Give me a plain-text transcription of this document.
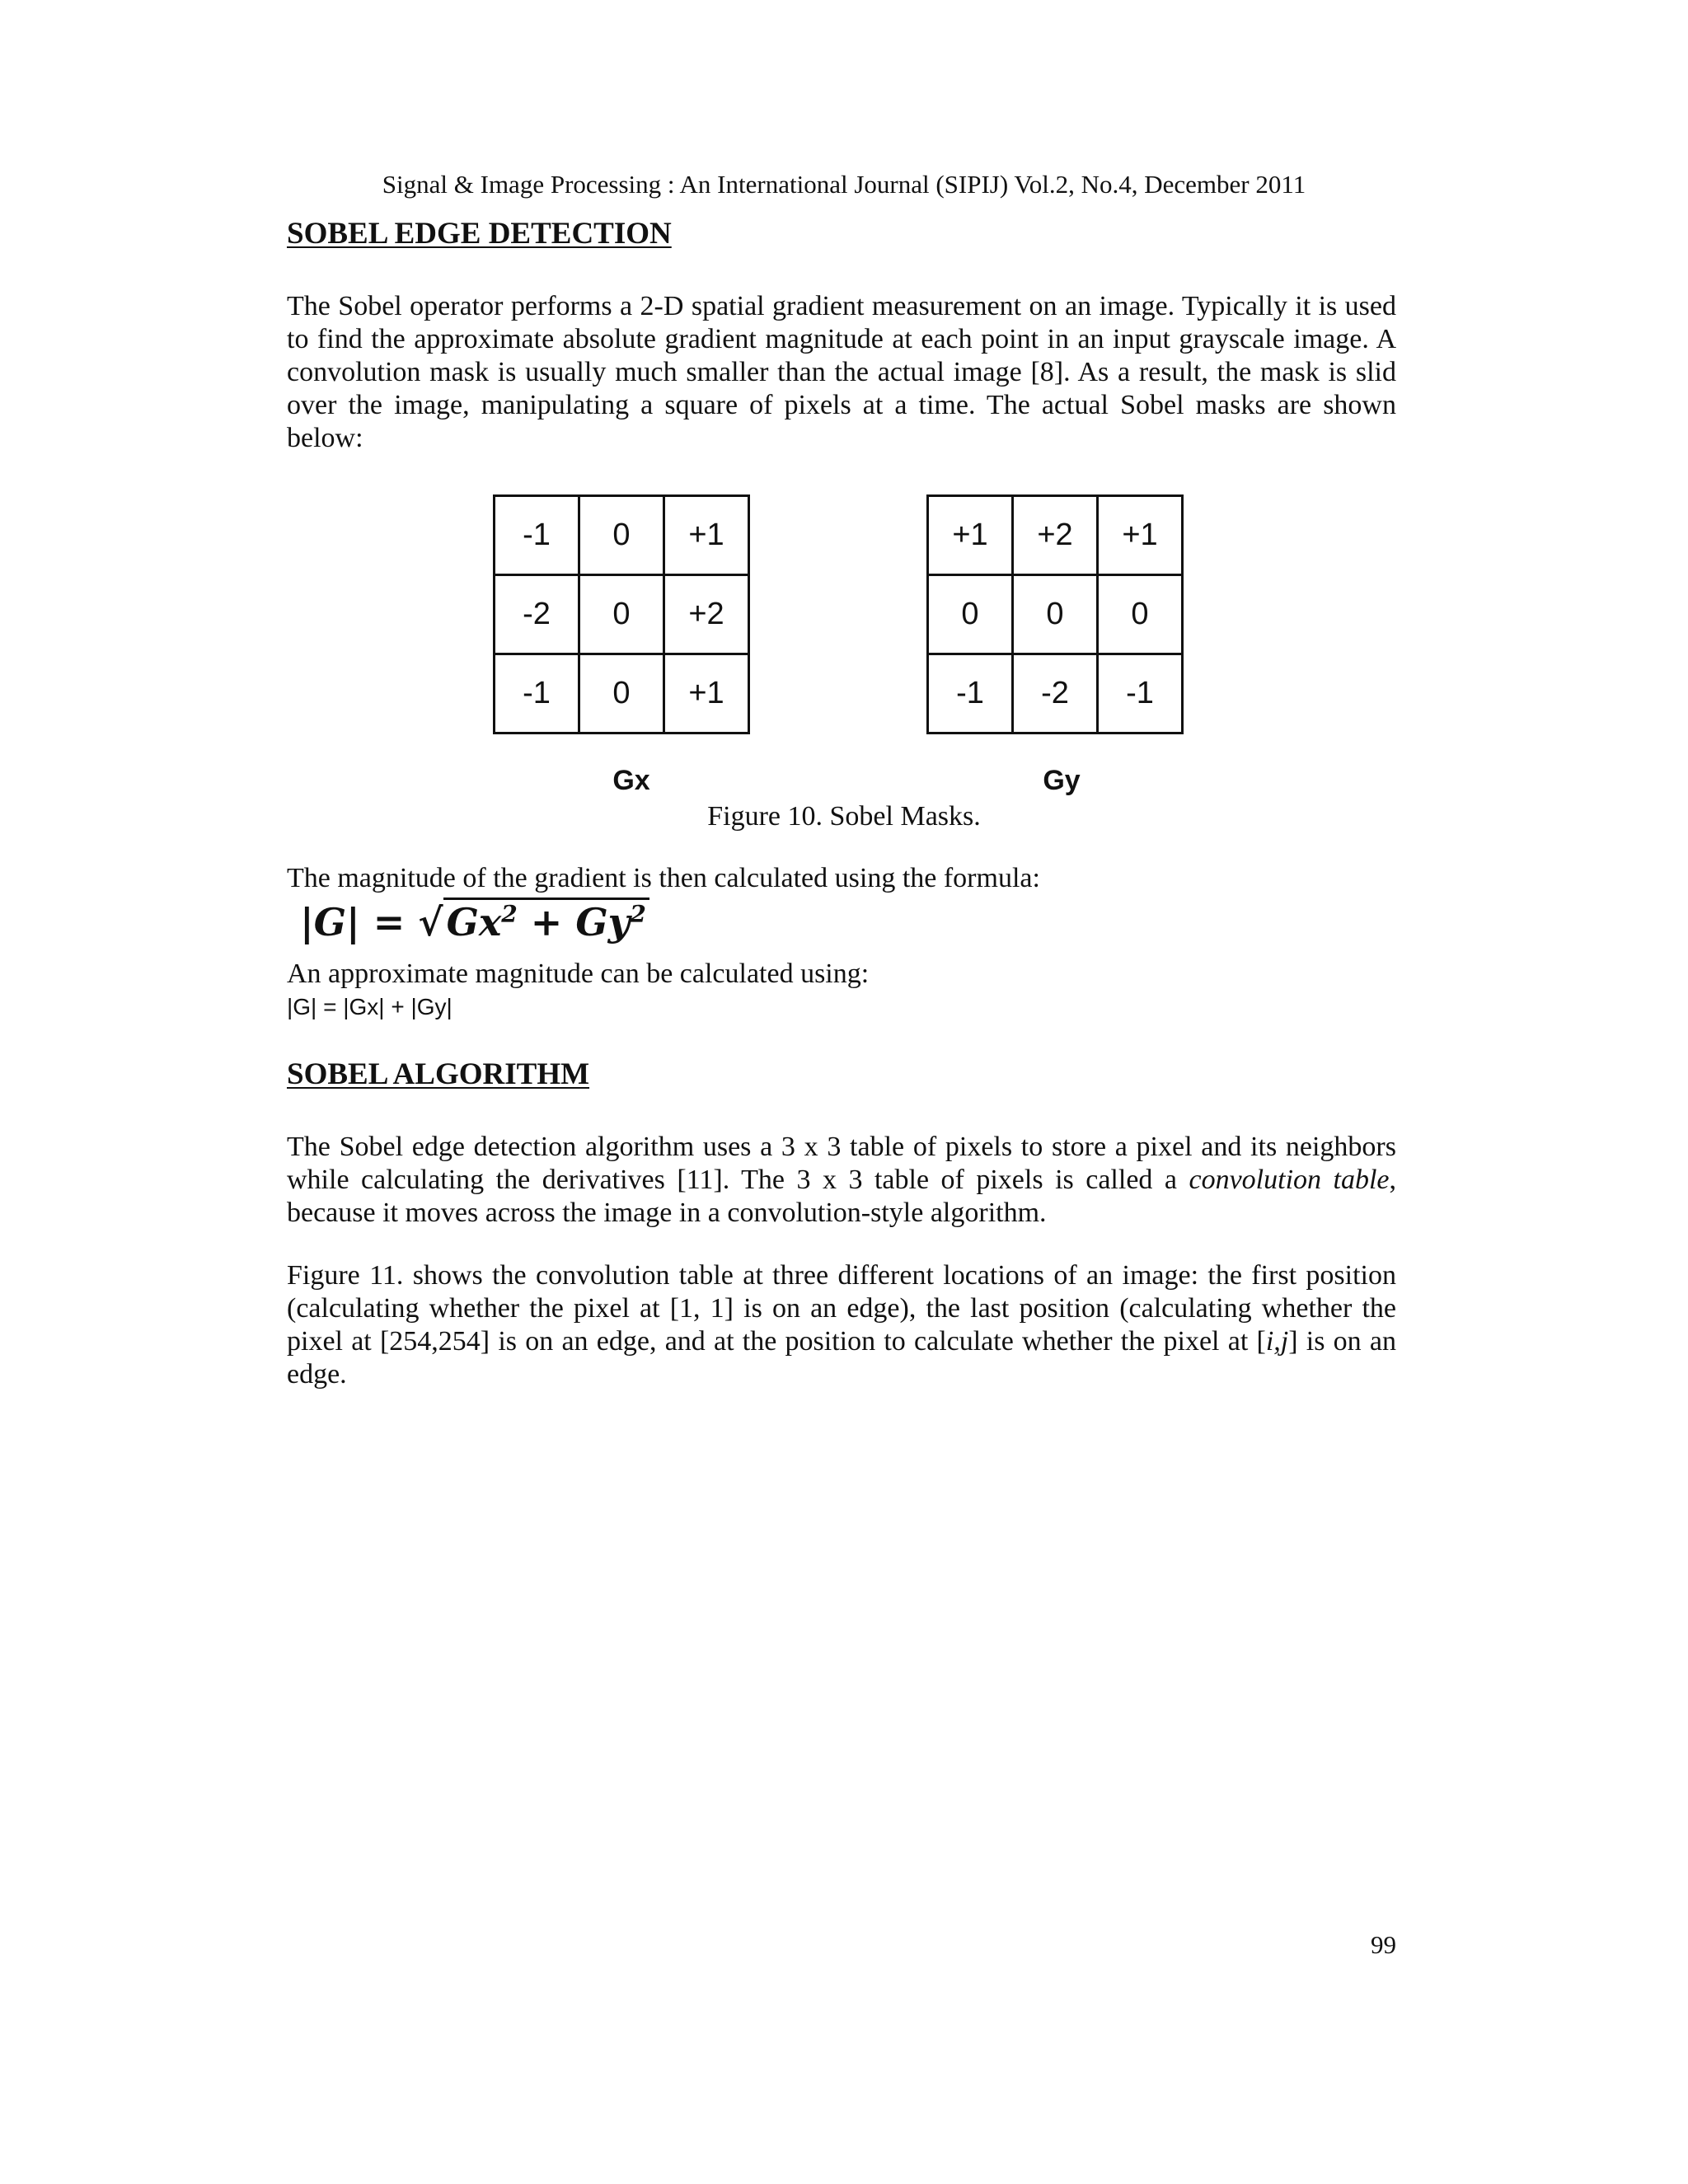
Signal & Image Processing : An International Journal (SIPIJ) Vol.2, No.4, December 2011
SOBEL EDGE DETECTION
The Sobel operator performs a 2-D spatial gradient measurement on an image. Typically it is used to find the approximate absolute gradient magnitude at each point in an input grayscale image. A convolution mask is usually much smaller than the actual image [8]. As a result, the mask is slid over the image, manipulating a square of pixels at a time. The actual Sobel masks are shown below:
-1	0	+1
-2	0	+2
-1	0	+1
+1	+2	+1
0	0	0
-1	-2	-1
Gx	Gy
Figure 10. Sobel Masks.
The magnitude of the gradient is then calculated using the formula:
$|G| = √Gx^2 + Gy^2$
An approximate magnitude can be calculated using:
|G| = |Gx| + |Gy|
SOBEL ALGORITHM
The Sobel edge detection algorithm uses a 3 x 3 table of pixels to store a pixel and its neighbors while calculating the derivatives [11]. The 3 x 3 table of pixels is called a convolution table, because it moves across the image in a convolution-style algorithm.
Figure 11. shows the convolution table at three different locations of an image: the first position (calculating whether the pixel at [1, 1] is on an edge), the last position (calculating whether the pixel at [254,254] is on an edge, and at the position to calculate whether the pixel at [i,j] is on an edge.
99
